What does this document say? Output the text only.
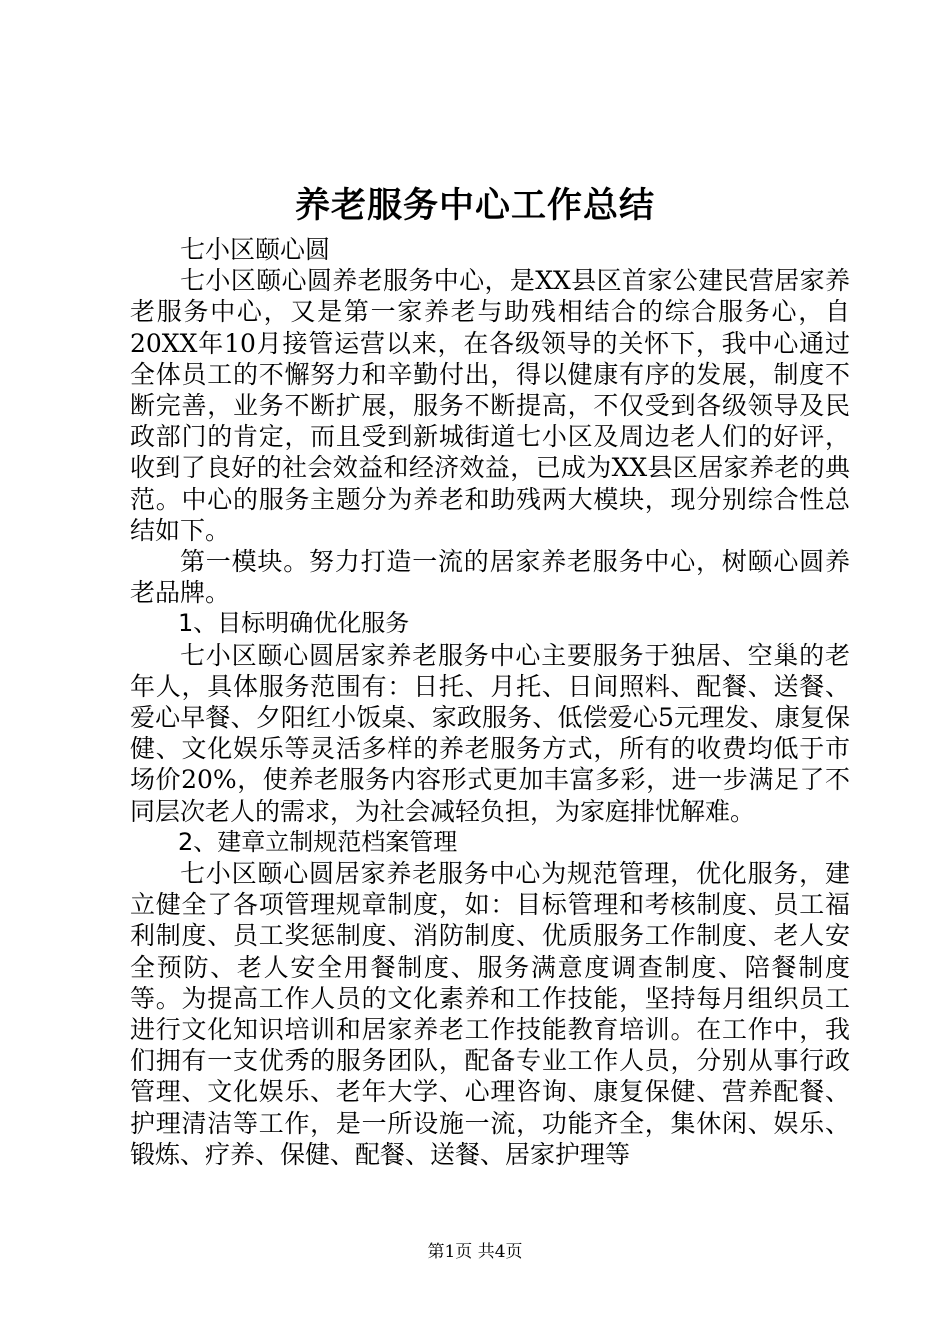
养老服务中心工作总结

七小区颐心圆

七小区颐心圆养老服务中心，是XX县区首家公建民营居家养老服务中心，又是第一家养老与助残相结合的综合服务心，自20XX年10月接管运营以来，在各级领导的关怀下，我中心通过全体员工的不懈努力和辛勤付出，得以健康有序的发展，制度不断完善，业务不断扩展，服务不断提高，不仅受到各级领导及民政部门的肯定，而且受到新城街道七小区及周边老人们的好评，收到了良好的社会效益和经济效益，已成为XX县区居家养老的典范。中心的服务主题分为养老和助残两大模块，现分别综合性总结如下。

第一模块。努力打造一流的居家养老服务中心，树颐心圆养老品牌。

1、目标明确优化服务

七小区颐心圆居家养老服务中心主要服务于独居、空巢的老年人，具体服务范围有：日托、月托、日间照料、配餐、送餐、爱心早餐、夕阳红小饭桌、家政服务、低偿爱心5元理发、康复保健、文化娱乐等灵活多样的养老服务方式，所有的收费均低于市场价20%，使养老服务内容形式更加丰富多彩，进一步满足了不同层次老人的需求，为社会减轻负担，为家庭排忧解难。

2、建章立制规范档案管理

七小区颐心圆居家养老服务中心为规范管理，优化服务，建立健全了各项管理规章制度，如：目标管理和考核制度、员工福利制度、员工奖惩制度、消防制度、优质服务工作制度、老人安全预防、老人安全用餐制度、服务满意度调查制度、陪餐制度等。为提高工作人员的文化素养和工作技能，坚持每月组织员工进行文化知识培训和居家养老工作技能教育培训。在工作中，我们拥有一支优秀的服务团队，配备专业工作人员，分别从事行政管理、文化娱乐、老年大学、心理咨询、康复保健、营养配餐、护理清洁等工作，是一所设施一流，功能齐全，集休闲、娱乐、锻炼、疗养、保健、配餐、送餐、居家护理等

第1页 共4页
